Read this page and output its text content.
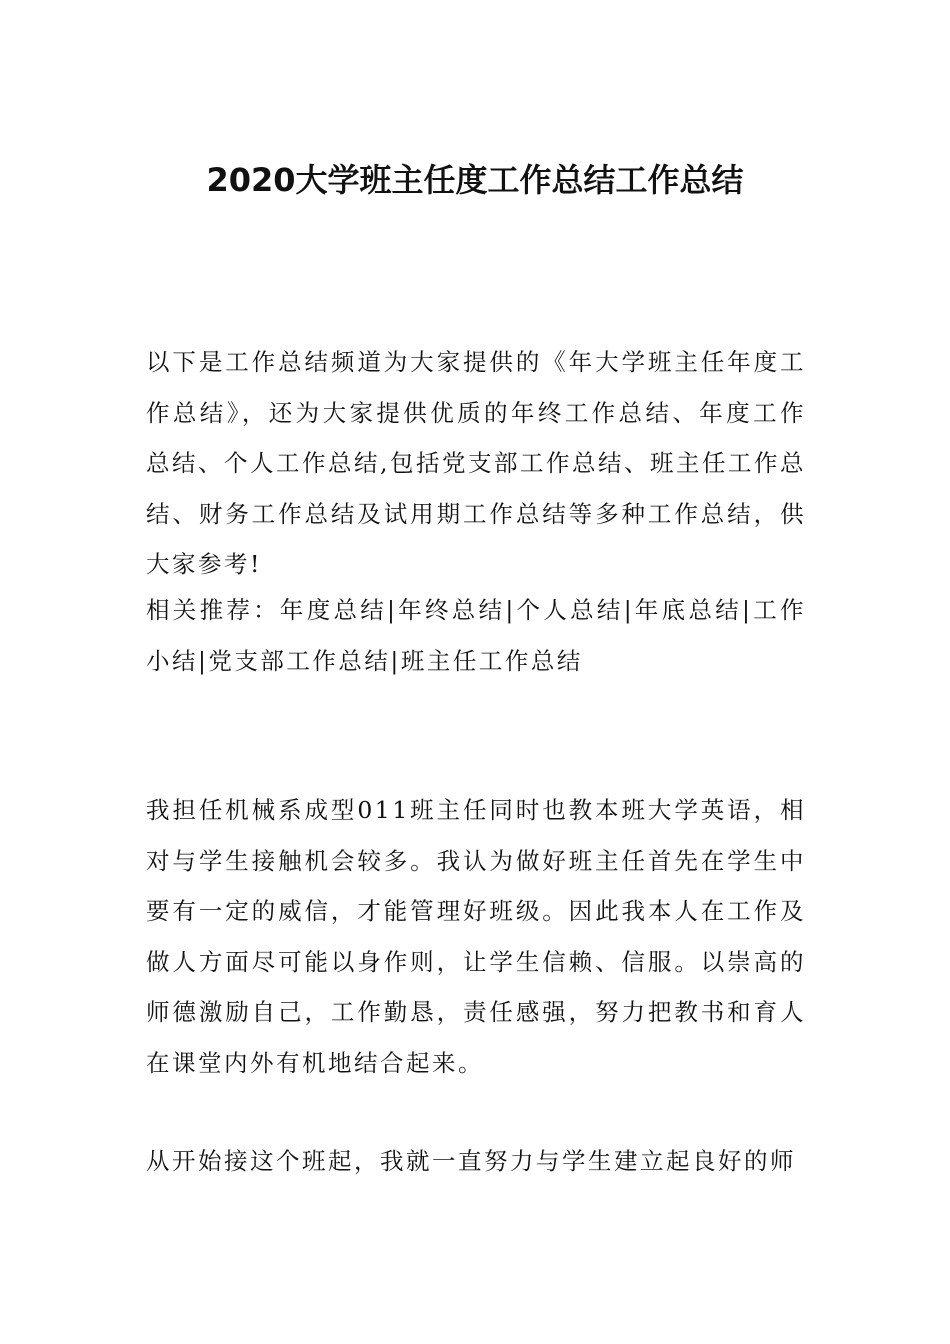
2020大学班主任度工作总结工作总结

以下是工作总结频道为大家提供的《年大学班主任年度工作总结》，还为大家提供优质的年终工作总结、年度工作总结、个人工作总结,包括党支部工作总结、班主任工作总结、财务工作总结及试用期工作总结等多种工作总结，供大家参考!

相关推荐：年度总结|年终总结|个人总结|年底总结|工作小结|党支部工作总结|班主任工作总结

我担任机械系成型011班主任同时也教本班大学英语，相对与学生接触机会较多。我认为做好班主任首先在学生中要有一定的威信，才能管理好班级。因此我本人在工作及做人方面尽可能以身作则，让学生信赖、信服。以崇高的师德激励自己，工作勤恳，责任感强，努力把教书和育人在课堂内外有机地结合起来。

从开始接这个班起，我就一直努力与学生建立起良好的师
